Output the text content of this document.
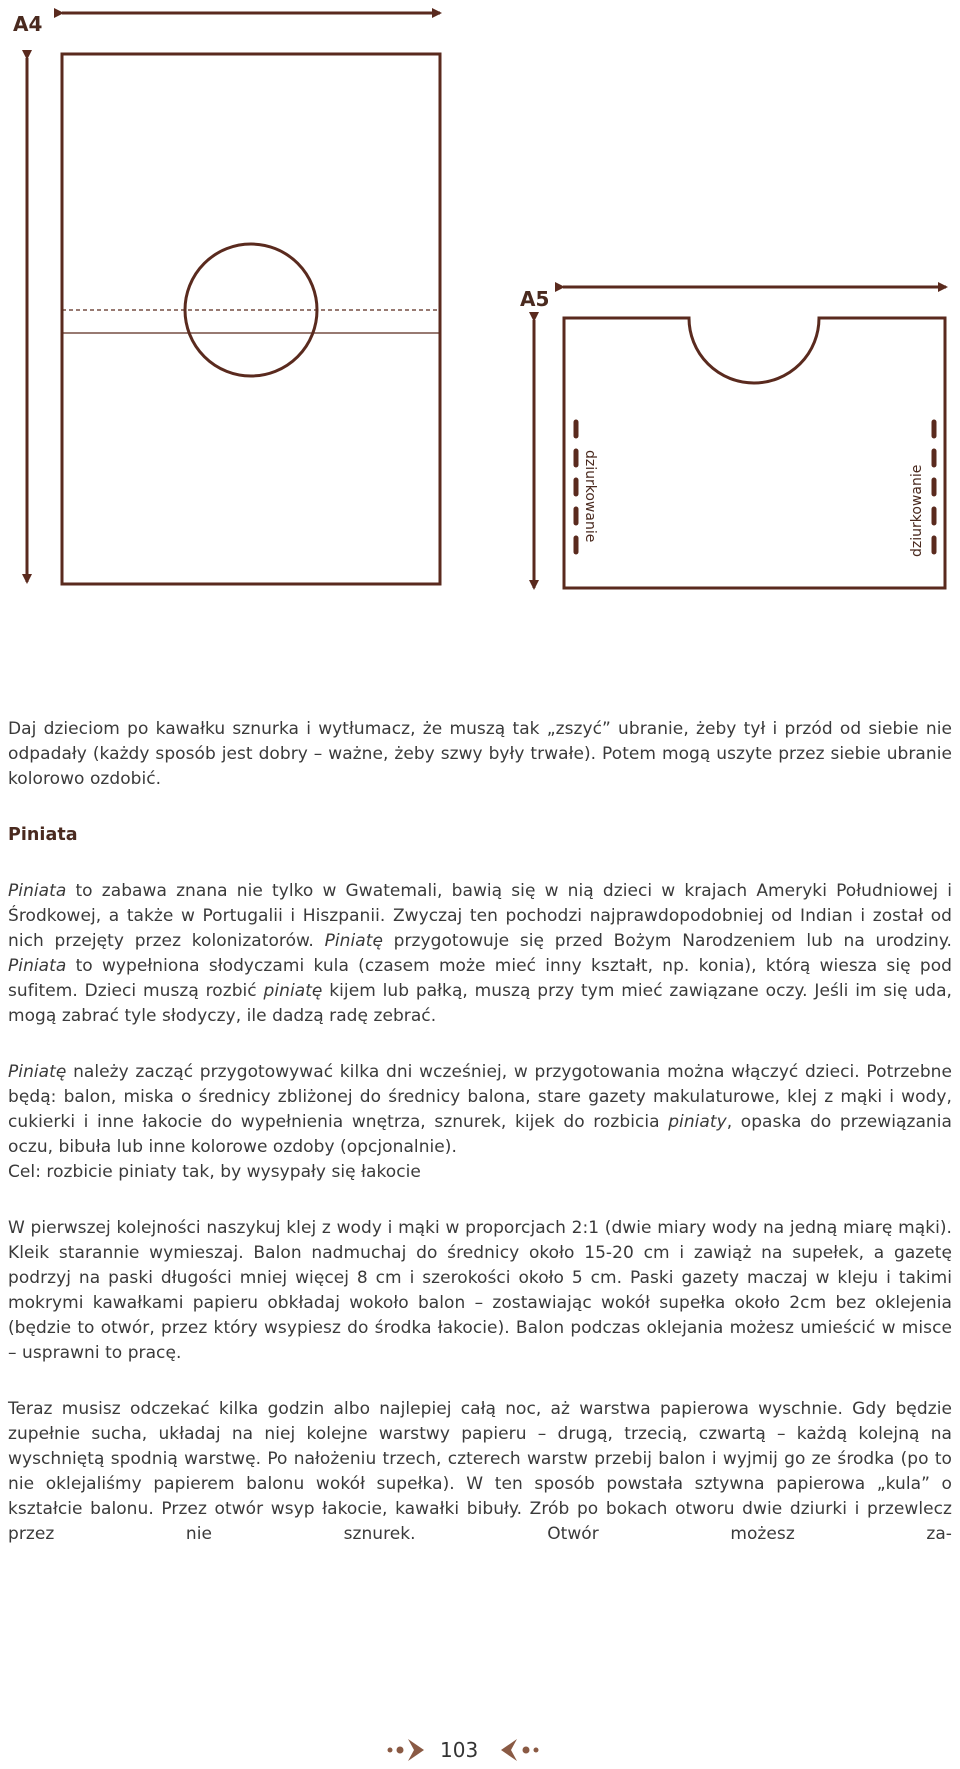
A4
A5
dziurkowanie	dziurkowanie

Daj dzieciom po kawałku sznurka i wytłumacz, że muszą tak „zszyć” ubranie, żeby tył i przód od siebie nie odpadały (każdy sposób jest dobry – ważne, żeby szwy były trwałe). Potem mogą uszyte przez siebie ubranie kolorowo ozdobić.

Piniata

Piniata to zabawa znana nie tylko w Gwatemali, bawią się w nią dzieci w krajach Ameryki Południowej i Środkowej, a także w Portugalii i Hiszpanii. Zwyczaj ten pochodzi najprawdopodobniej od Indian i został od nich przejęty przez kolonizatorów. Piniatę przygotowuje się przed Bożym Narodzeniem lub na urodziny. Piniata to wypełniona słodyczami kula (czasem może mieć inny kształt, np. konia), którą wiesza się pod sufitem. Dzieci muszą rozbić piniatę kijem lub pałką, muszą przy tym mieć zawiązane oczy. Jeśli im się uda, mogą zabrać tyle słodyczy, ile dadzą radę zebrać.

Piniatę należy zacząć przygotowywać kilka dni wcześniej, w przygotowania można włączyć dzieci. Potrzebne będą: balon, miska o średnicy zbliżonej do średnicy balona, stare gazety makulaturowe, klej z mąki i wody, cukierki i inne łakocie do wypełnienia wnętrza, sznurek, kijek do rozbicia piniaty, opaska do przewiązania oczu, bibuła lub inne kolorowe ozdoby (opcjonalnie).
Cel: rozbicie piniaty tak, by wysypały się łakocie

W pierwszej kolejności naszykuj klej z wody i mąki w proporcjach 2:1 (dwie miary wody na jedną miarę mąki). Kleik starannie wymieszaj. Balon nadmuchaj do średnicy około 15-20 cm i zawiąż na supełek, a gazetę podrzyj na paski długości mniej więcej 8 cm i szerokości około 5 cm. Paski gazety maczaj w kleju i takimi mokrymi kawałkami papieru obkładaj wokoło balon – zostawiając wokół supełka około 2cm bez oklejenia (będzie to otwór, przez który wsypiesz do środka łakocie). Balon podczas oklejania możesz umieścić w misce – usprawni to pracę.

Teraz musisz odczekać kilka godzin albo najlepiej całą noc, aż warstwa papierowa wyschnie. Gdy będzie zupełnie sucha, układaj na niej kolejne warstwy papieru – drugą, trzecią, czwartą – każdą kolejną na wyschniętą spodnią warstwę. Po nałożeniu trzech, czterech warstw przebij balon i wyjmij go ze środka (po to nie oklejaliśmy papierem balonu wokół supełka). W ten sposób powstała sztywna papierowa „kula” o kształcie balonu. Przez otwór wsyp łakocie, kawałki bibuły. Zrób po bokach otworu dwie dziurki i przewlecz przez nie sznurek. Otwór możesz za-

103
